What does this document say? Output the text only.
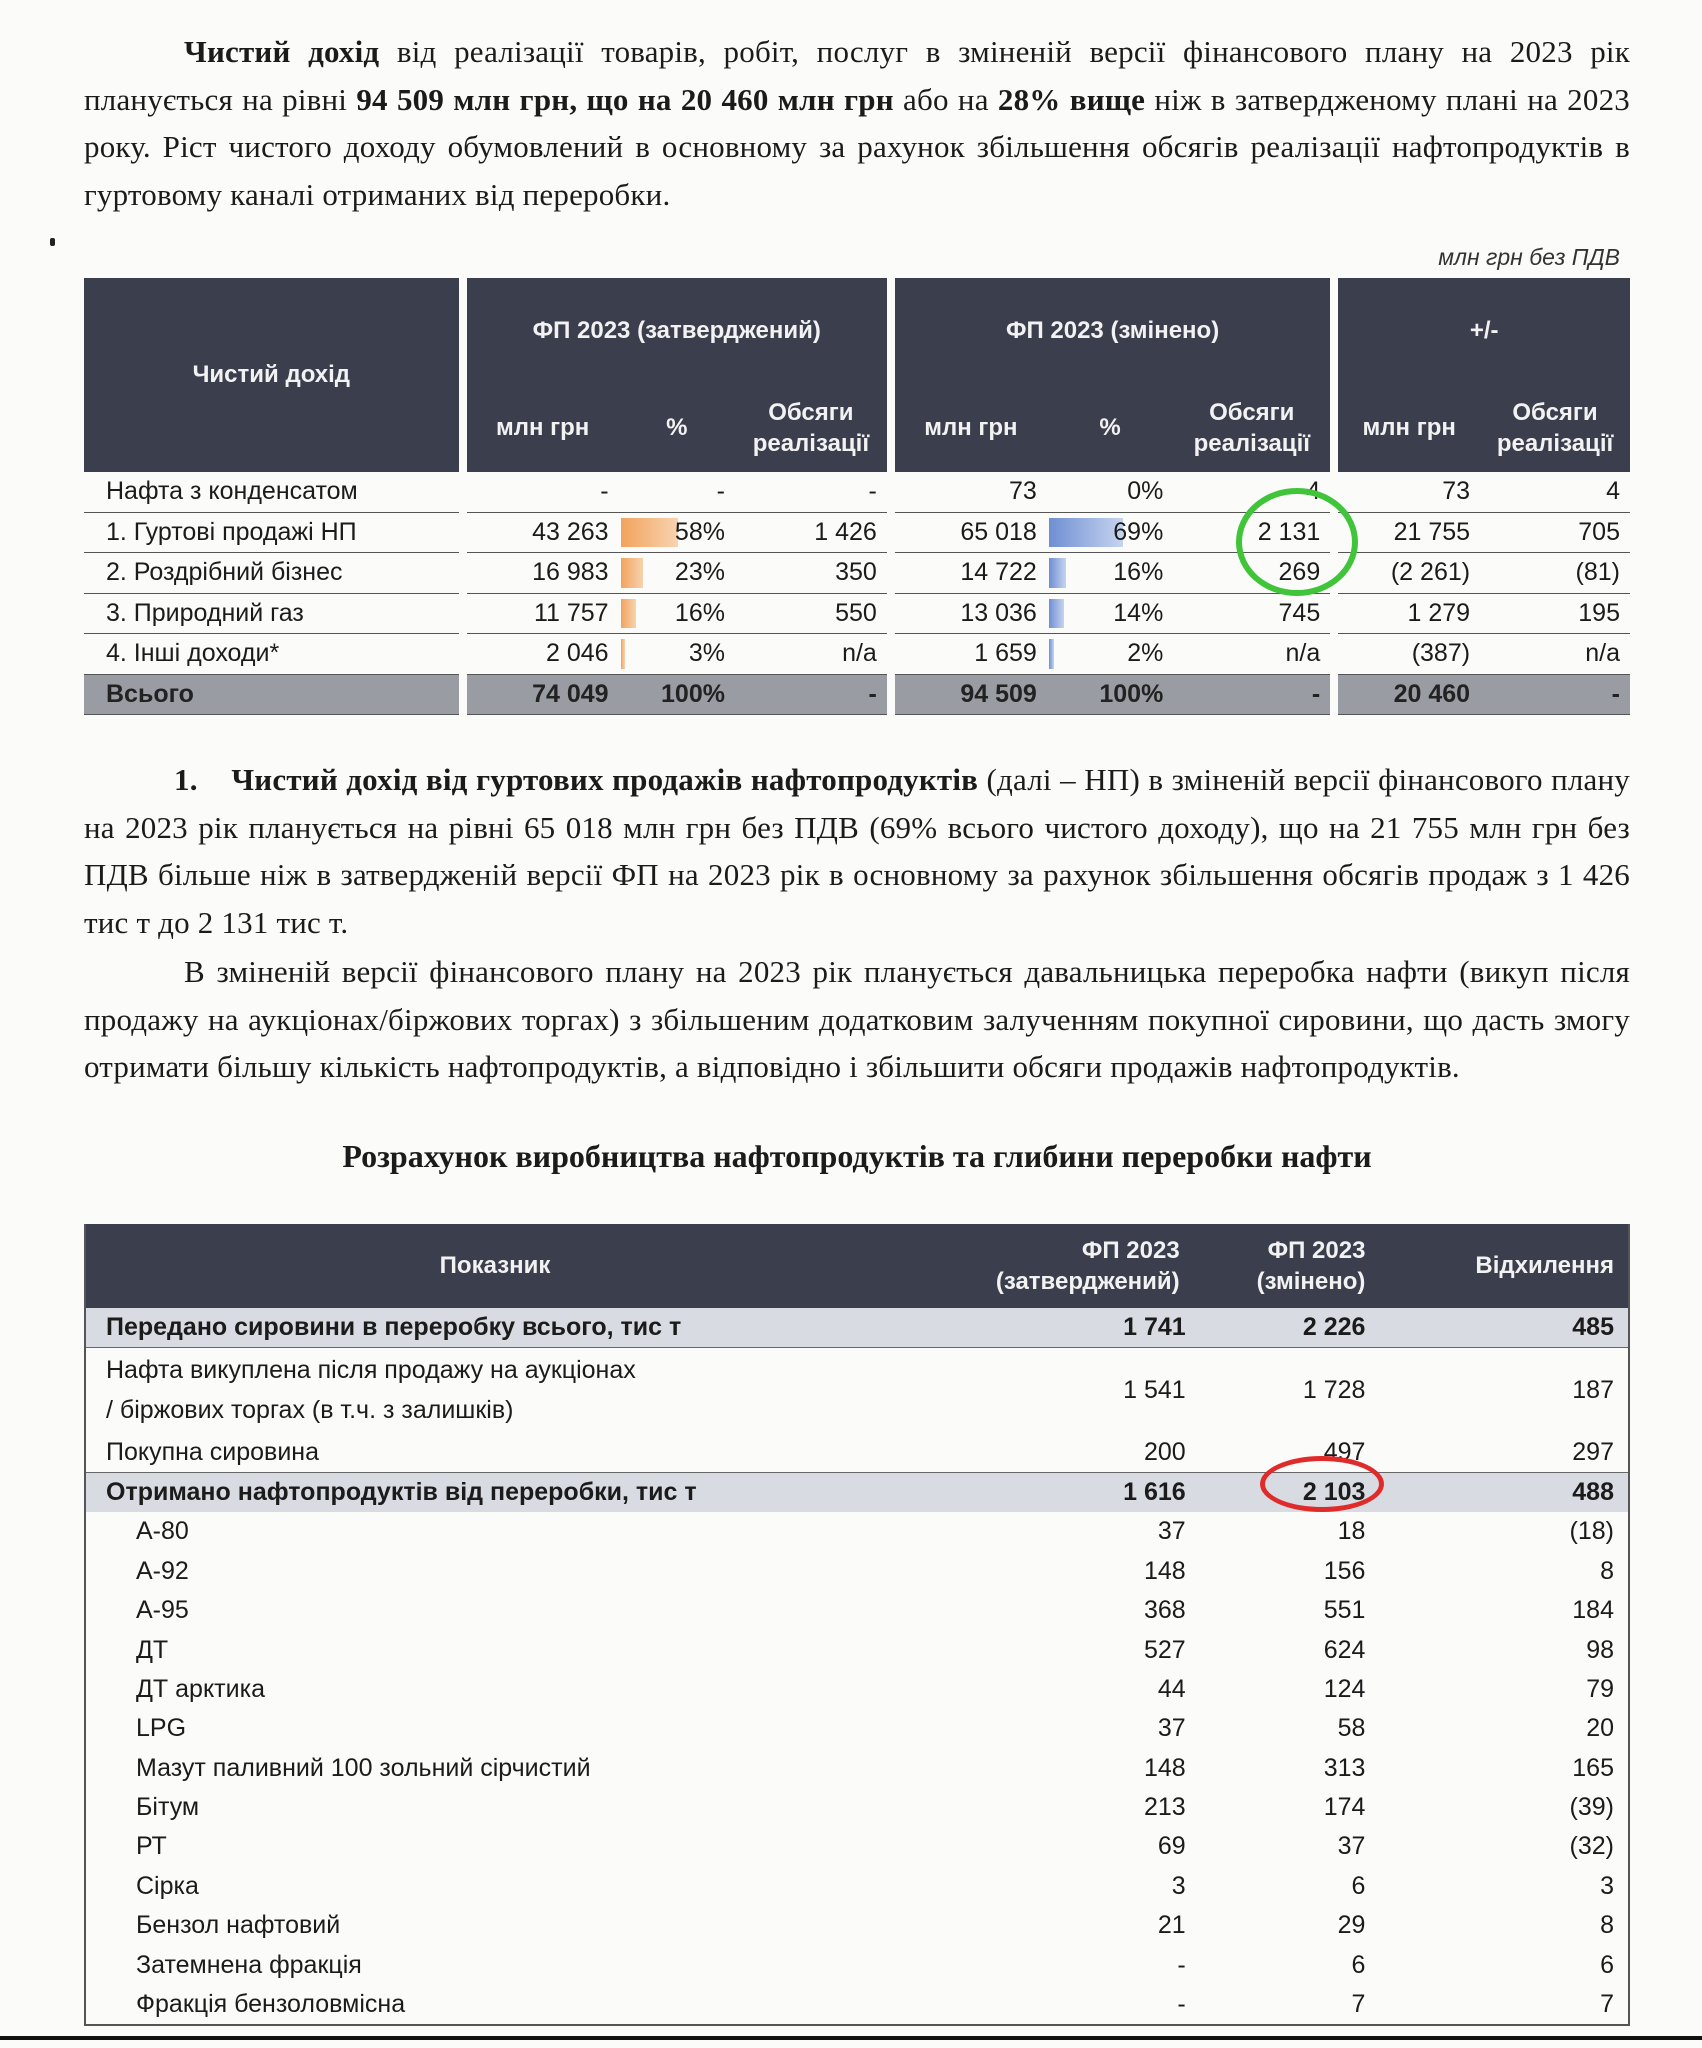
Чистий дохід від реалізації товарів, робіт, послуг в зміненій версії фінансового плану на 2023 рік планується на рівні 94 509 млн грн, що на 20 460 млн грн або на 28% вище ніж в затвердженому плані на 2023 року. Ріст чистого доходу обумовлений в основному за рахунок збільшення обсягів реалізації нафтопродуктів в гуртовому каналі отриманих від переробки.

млн грн без ПДВ
Чистий дохід		ФП 2023 (затверджений)				ФП 2023 (змінено)				+/-	
		млн грн	%	Обсяги реалізації		млн грн	%	Обсяги реалізації		млн грн	Обсяги реалізації
Нафта з конденсатом		-	-	-		73	0%	4		73	4
1. Гуртові продажі НП		43 263	58%	1 426		65 018	69%	2 131		21 755	705
2. Роздрібний бізнес		16 983	23%	350		14 722	16%	269		(2 261)	(81)
3. Природний газ		11 757	16%	550		13 036	14%	745		1 279	195
4. Інші доходи*		2 046	3%	n/a		1 659	2%	n/a		(387)	n/a
Всього		74 049	100%	-		94 509	100%	-		20 460	-

1. Чистий дохід від гуртових продажів нафтопродуктів (далі – НП) в зміненій версії фінансового плану на 2023 рік планується на рівні 65 018 млн грн без ПДВ (69% всього чистого доходу), що на 21 755 млн грн без ПДВ більше ніж в затвердженій версії ФП на 2023 рік в основному за рахунок збільшення обсягів продаж з 1 426 тис т до 2 131 тис т.

В зміненій версії фінансового плану на 2023 рік планується давальницька переробка нафти (викуп після продажу на аукціонах/біржових торгах) з збільшеним додатковим залученням покупної сировини, що дасть змогу отримати більшу кількість нафтопродуктів, а відповідно і збільшити обсяги продажів нафтопродуктів.

Розрахунок виробництва нафтопродуктів та глибини переробки нафти

Показник	ФП 2023 (затверджений)	ФП 2023 (змінено)	Відхилення
Передано сировини в переробку всього, тис т	1 741	2 226	485
Нафта викуплена після продажу на аукціонах / біржових торгах (в т.ч. з залишків)	1 541	1 728	187
Покупна сировина	200	497	297
Отримано нафтопродуктів від переробки, тис т	1 616	2 103	488
А-80	37	18	(18)
А-92	148	156	8
А-95	368	551	184
ДТ	527	624	98
ДТ арктика	44	124	79
LPG	37	58	20
Мазут паливний 100 зольний сірчистий	148	313	165
Бітум	213	174	(39)
РТ	69	37	(32)
Сірка	3	6	3
Бензол нафтовий	21	29	8
Затемнена фракція	-	6	6
Фракція бензоловмісна	-	7	7
